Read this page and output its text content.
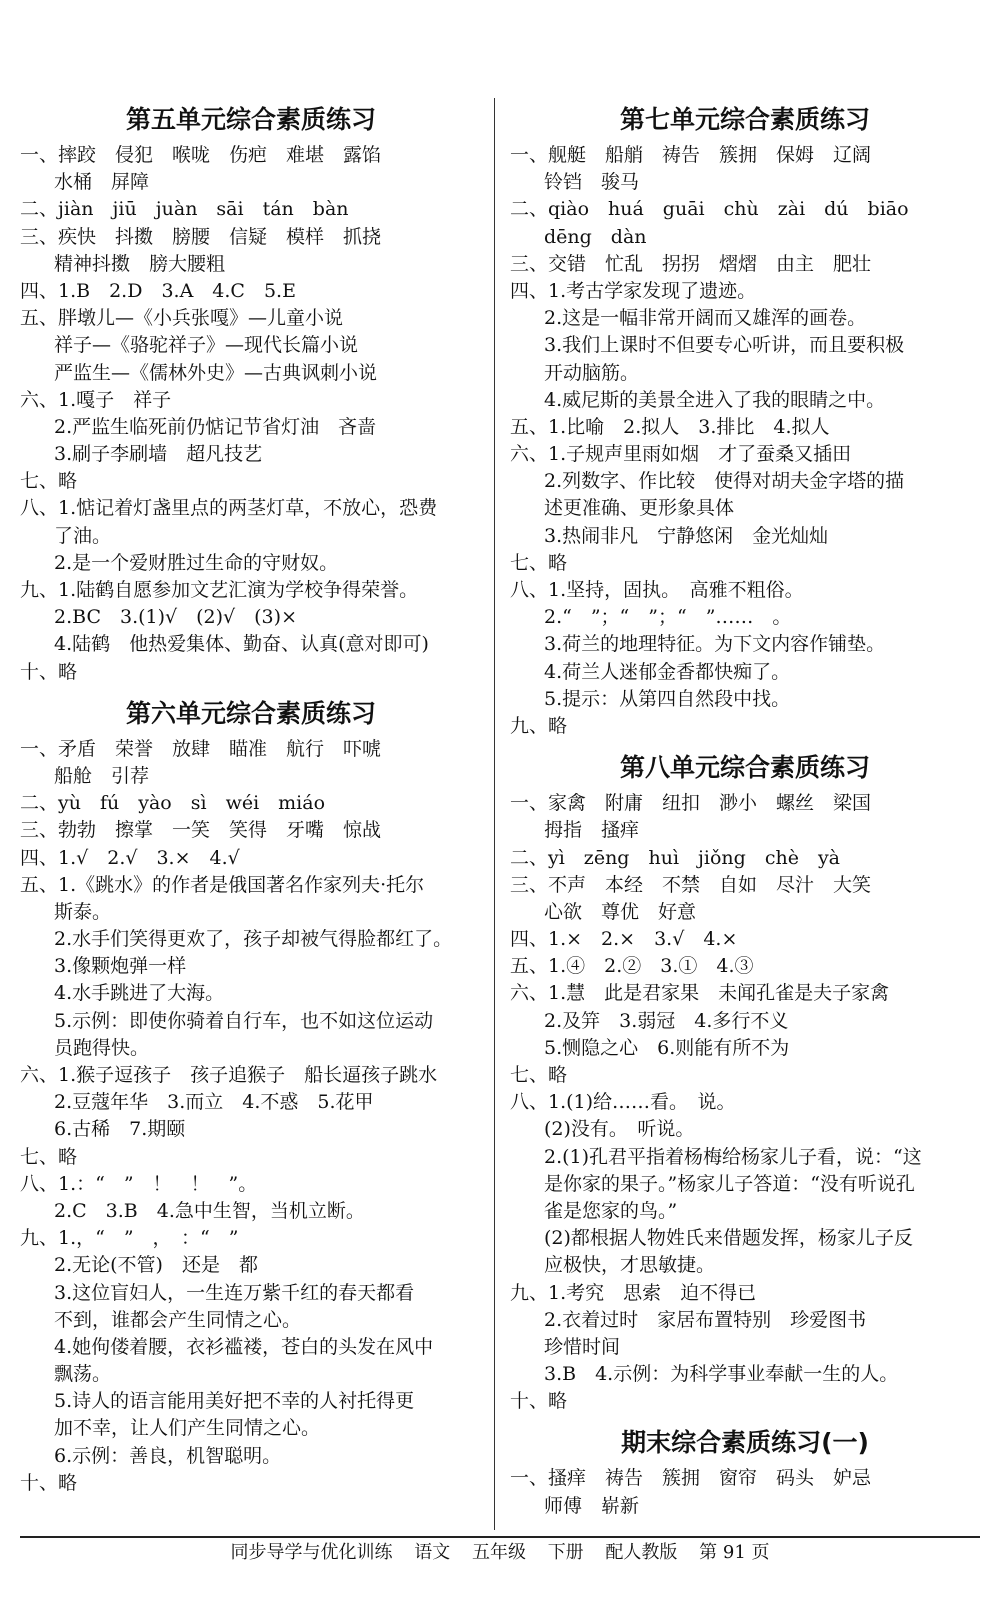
第五单元综合素质练习
一、摔跤　侵犯　喉咙　伤疤　难堪　露馅
水桶　屏障
二、jiàn　jiū　juàn　sāi　tán　bàn
三、疾快　抖擞　膀腰　信疑　模样　抓挠
精神抖擞　膀大腰粗
四、1.B　2.D　3.A　4.C　5.E
五、胖墩儿—《小兵张嘎》—儿童小说
祥子—《骆驼祥子》—现代长篇小说
严监生—《儒林外史》—古典讽刺小说
六、1.嘎子　祥子
2.严监生临死前仍惦记节省灯油　吝啬
3.刷子李刷墙　超凡技艺
七、略
八、1.惦记着灯盏里点的两茎灯草，不放心，恐费
了油。
2.是一个爱财胜过生命的守财奴。
九、1.陆鹤自愿参加文艺汇演为学校争得荣誉。
2.BC　3.(1)√　(2)√　(3)×
4.陆鹤　他热爱集体、勤奋、认真(意对即可)
十、略
第六单元综合素质练习
一、矛盾　荣誉　放肆　瞄准　航行　吓唬
船舱　引荐
二、yù　fú　yào　sì　wéi　miáo
三、勃勃　擦掌　一笑　笑得　牙嘴　惊战
四、1.√　2.√　3.×　4.√
五、1.《跳水》的作者是俄国著名作家列夫·托尔
斯泰。
2.水手们笑得更欢了，孩子却被气得脸都红了。
3.像颗炮弹一样
4.水手跳进了大海。
5.示例：即使你骑着自行车，也不如这位运动
员跑得快。
六、1.猴子逗孩子　孩子追猴子　船长逼孩子跳水
2.豆蔻年华　3.而立　4.不惑　5.花甲
6.古稀　7.期颐
七、略
八、1.：“　”　！　！　”。
2.C　3.B　4.急中生智，当机立断。
九、1.，“　”　，　：“　”
2.无论(不管)　还是　都
3.这位盲妇人，一生连万紫千红的春天都看
不到，谁都会产生同情之心。
4.她佝偻着腰，衣衫褴褛，苍白的头发在风中
飘荡。
5.诗人的语言能用美好把不幸的人衬托得更
加不幸，让人们产生同情之心。
6.示例：善良，机智聪明。
十、略
第七单元综合素质练习
一、舰艇　船艄　祷告　簇拥　保姆　辽阔
铃铛　骏马
二、qiào　huá　guāi　chù　zài　dú　biāo
dēng　dàn
三、交错　忙乱　拐拐　熠熠　由主　肥壮
四、1.考古学家发现了遗迹。
2.这是一幅非常开阔而又雄浑的画卷。
3.我们上课时不但要专心听讲，而且要积极
开动脑筋。
4.威尼斯的美景全进入了我的眼睛之中。
五、1.比喻　2.拟人　3.排比　4.拟人
六、1.子规声里雨如烟　才了蚕桑又插田
2.列数字、作比较　使得对胡夫金字塔的描
述更准确、更形象具体
3.热闹非凡　宁静悠闲　金光灿灿
七、略
八、1.坚持，固执。　高雅不粗俗。
2.“　”；“　”；“　”……　。
3.荷兰的地理特征。为下文内容作铺垫。
4.荷兰人迷郁金香都快痴了。
5.提示：从第四自然段中找。
九、略
第八单元综合素质练习
一、家禽　附庸　纽扣　渺小　螺丝　梁国
拇指　搔痒
二、yì　zēng　huì　jiǒng　chè　yà
三、不声　本经　不禁　自如　尽汁　大笑
心欲　尊优　好意
四、1.×　2.×　3.√　4.×
五、1.④　2.②　3.①　4.③
六、1.慧　此是君家果　未闻孔雀是夫子家禽
2.及笄　3.弱冠　4.多行不义
5.恻隐之心　6.则能有所不为
七、略
八、1.(1)给……看。　说。
(2)没有。　听说。
2.(1)孔君平指着杨梅给杨家儿子看，说：“这
是你家的果子。”杨家儿子答道：“没有听说孔
雀是您家的鸟。”
(2)都根据人物姓氏来借题发挥，杨家儿子反
应极快，才思敏捷。
九、1.考究　思索　迫不得已
2.衣着过时　家居布置特别　珍爱图书
珍惜时间
3.B　4.示例：为科学事业奉献一生的人。
十、略
期末综合素质练习(一)
一、搔痒　祷告　簇拥　窗帘　码头　妒忌
师傅　崭新
同步导学与优化训练 语文 五年级 下册 配人教版 第 91 页
